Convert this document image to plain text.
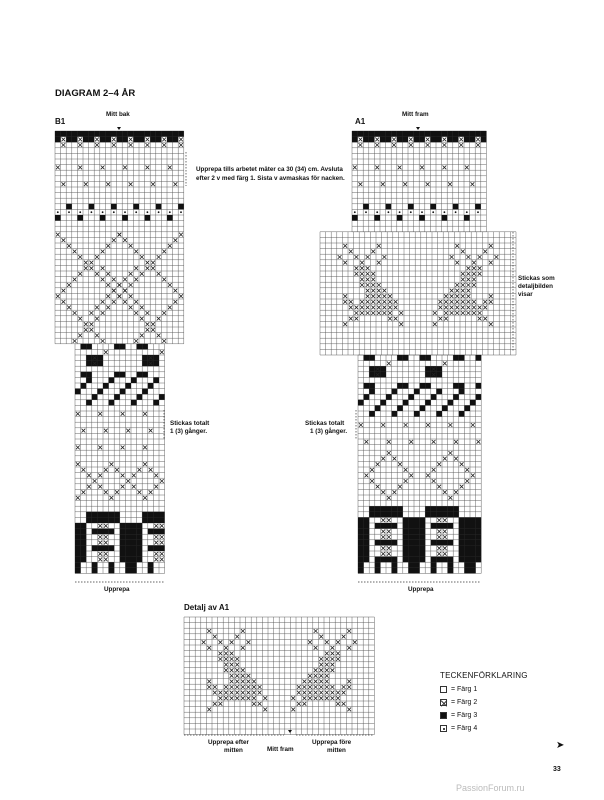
DIAGRAM 2–4 ÅR
B1
Mitt bak
Upprepa tills arbetet mäter ca 30 (34) cm. Avsluta
efter 2 v med färg 1. Sista v avmaskas för nacken.
Stickas totalt
1 (3) gånger.
Upprepa
A1
Mitt fram
Stickas som
detaljbilden
visar
Stickas totalt
1 (3) gånger.
Upprepa
Detalj av A1
Upprepa efter
mitten	Mitt fram
Upprepa före
mitten
TECKENFÖRKLARING
= Färg 1
= Färg 2
= Färg 3
= Färg 4
➤
33
PassionForum.ru
